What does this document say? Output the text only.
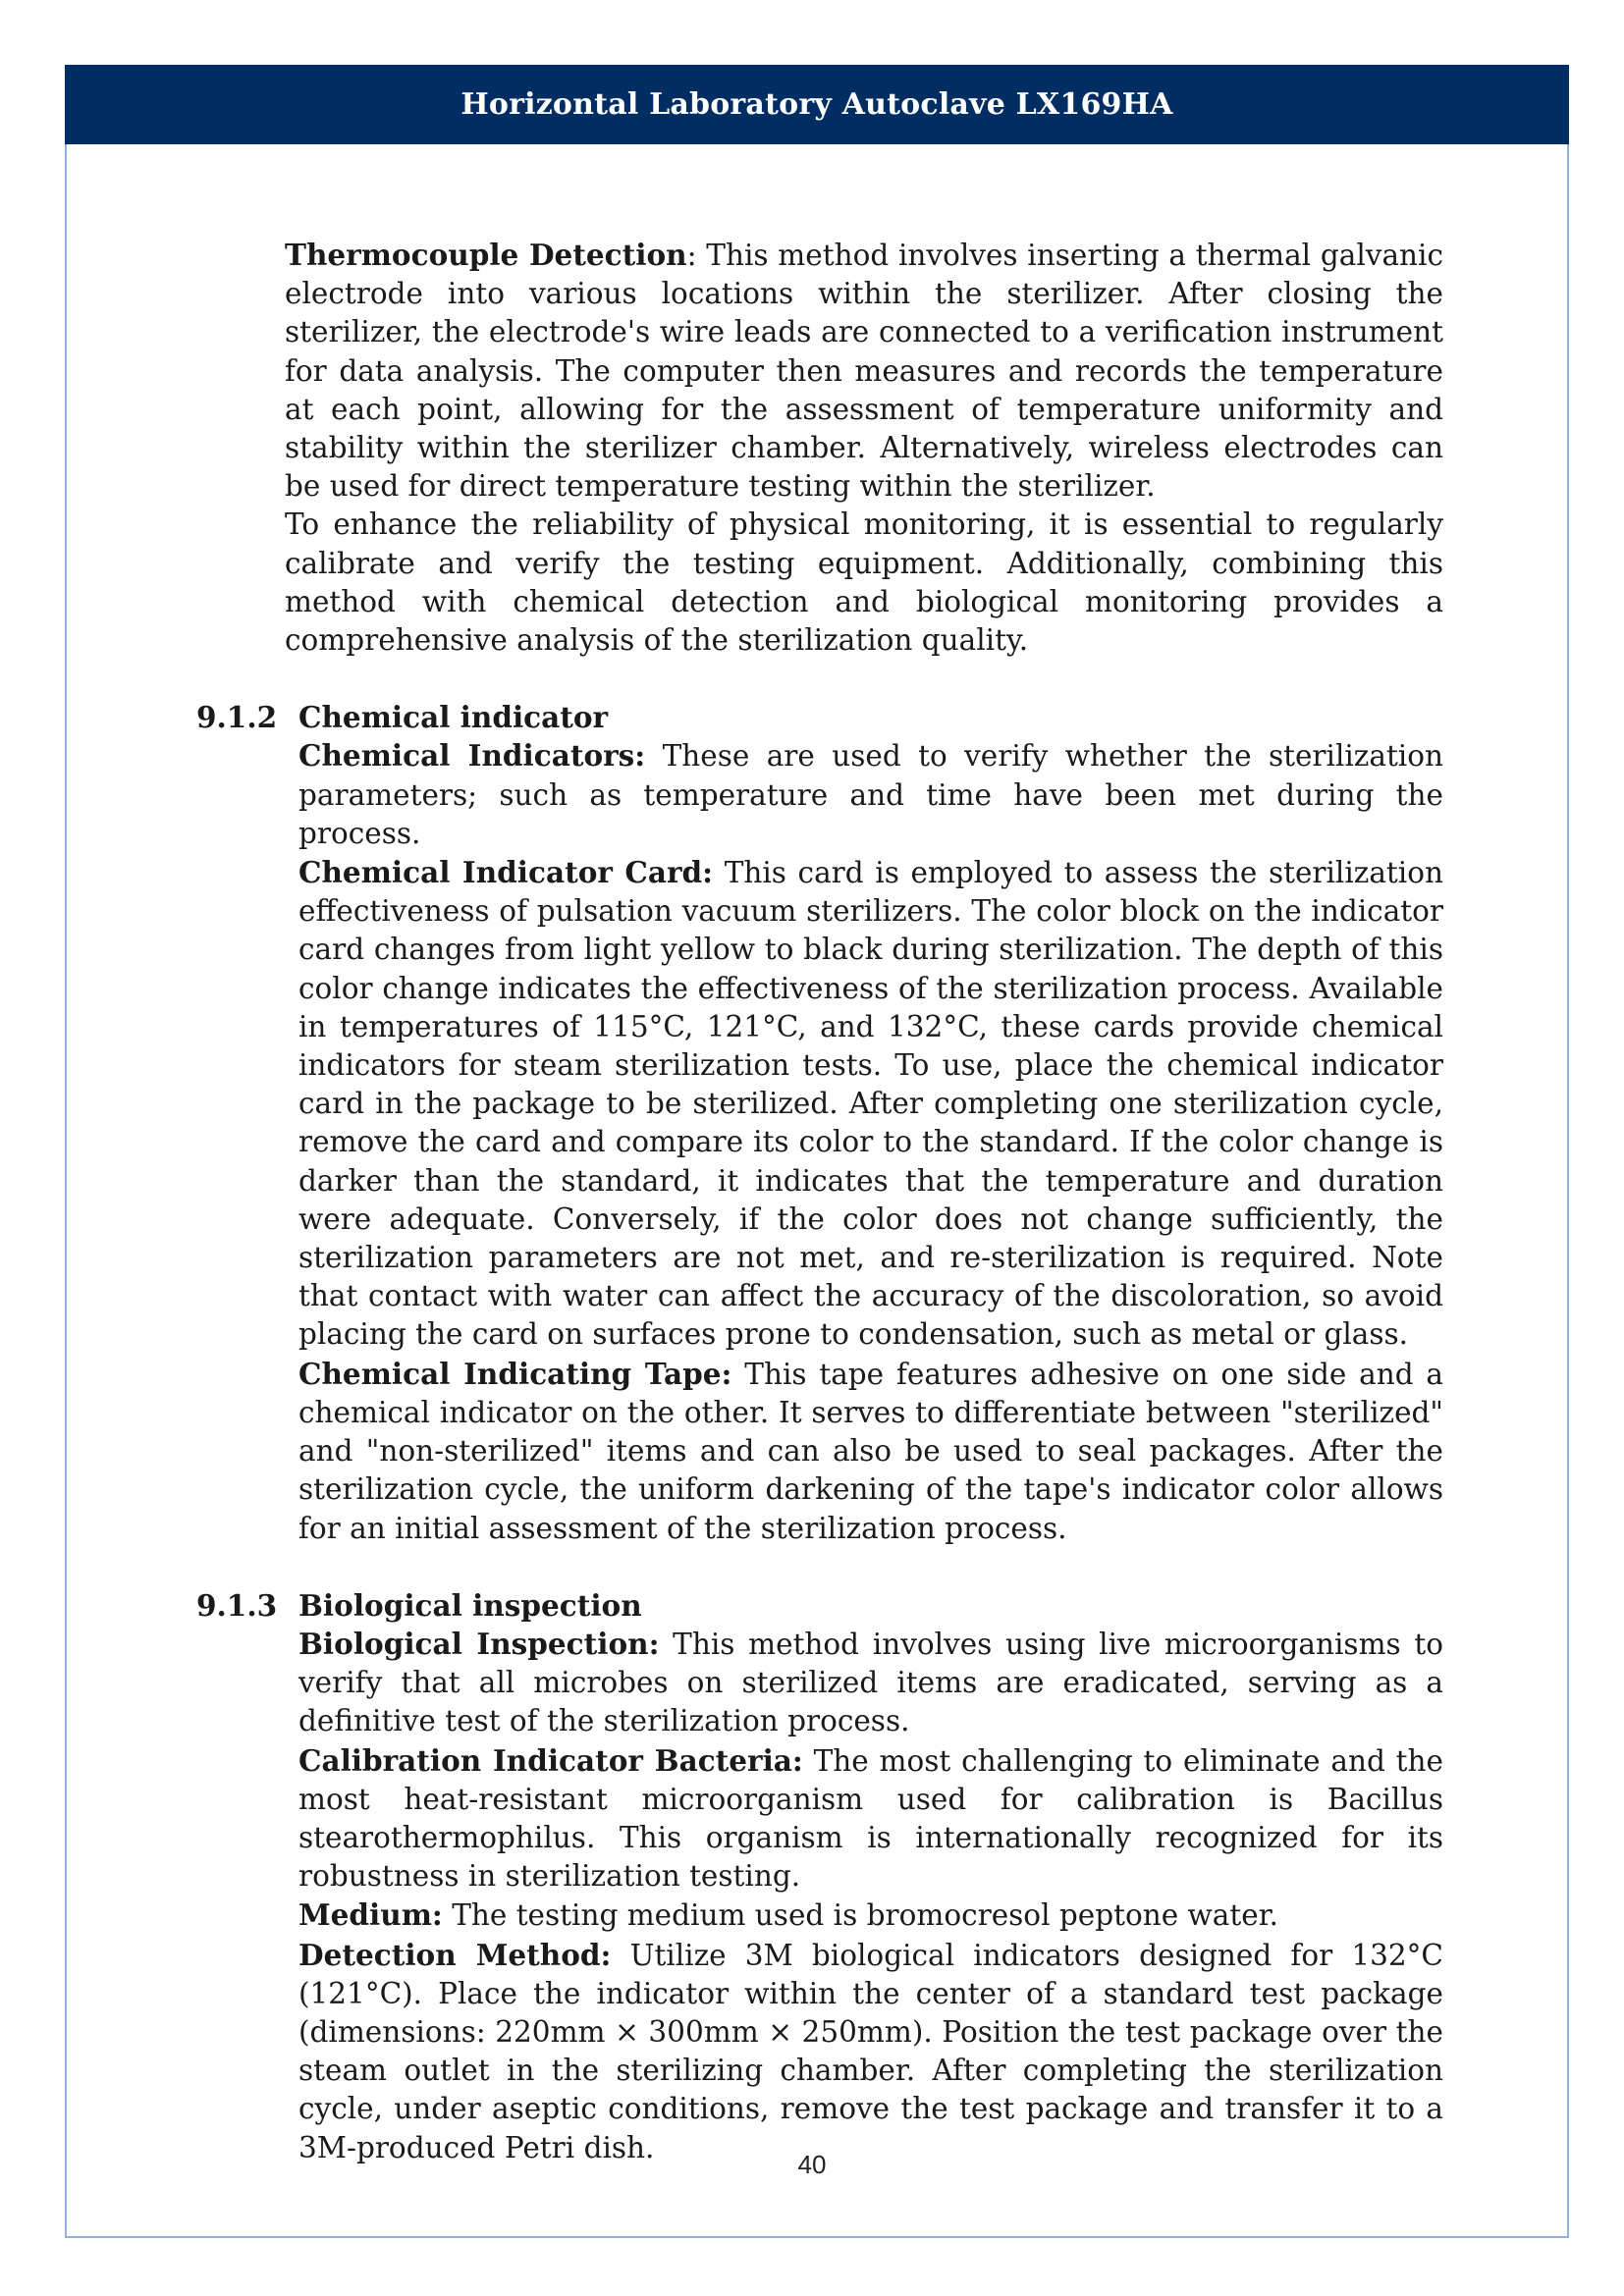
Horizontal Laboratory Autoclave LX169HA

Thermocouple Detection: This method involves inserting a thermal galvanic electrode into various locations within the sterilizer. After closing the sterilizer, the electrode's wire leads are connected to a verification instrument for data analysis. The computer then measures and records the temperature at each point, allowing for the assessment of temperature uniformity and stability within the sterilizer chamber. Alternatively, wireless electrodes can be used for direct temperature testing within the sterilizer.

To enhance the reliability of physical monitoring, it is essential to regularly calibrate and verify the testing equipment. Additionally, combining this method with chemical detection and biological monitoring provides a comprehensive analysis of the sterilization quality.

9.1.2 Chemical indicator

Chemical Indicators: These are used to verify whether the sterilization parameters; such as temperature and time have been met during the process.

Chemical Indicator Card: This card is employed to assess the sterilization effectiveness of pulsation vacuum sterilizers. The color block on the indicator card changes from light yellow to black during sterilization. The depth of this color change indicates the effectiveness of the sterilization process. Available in temperatures of 115°C, 121°C, and 132°C, these cards provide chemical indicators for steam sterilization tests. To use, place the chemical indicator card in the package to be sterilized. After completing one sterilization cycle, remove the card and compare its color to the standard. If the color change is darker than the standard, it indicates that the temperature and duration were adequate. Conversely, if the color does not change sufficiently, the sterilization parameters are not met, and re-sterilization is required. Note that contact with water can affect the accuracy of the discoloration, so avoid placing the card on surfaces prone to condensation, such as metal or glass.

Chemical Indicating Tape: This tape features adhesive on one side and a chemical indicator on the other. It serves to differentiate between "sterilized" and "non-sterilized" items and can also be used to seal packages. After the sterilization cycle, the uniform darkening of the tape's indicator color allows for an initial assessment of the sterilization process.

9.1.3 Biological inspection

Biological Inspection: This method involves using live microorganisms to verify that all microbes on sterilized items are eradicated, serving as a definitive test of the sterilization process.

Calibration Indicator Bacteria: The most challenging to eliminate and the most heat-resistant microorganism used for calibration is Bacillus stearothermophilus. This organism is internationally recognized for its robustness in sterilization testing.

Medium: The testing medium used is bromocresol peptone water.

Detection Method: Utilize 3M biological indicators designed for 132°C (121°C). Place the indicator within the center of a standard test package (dimensions: 220mm × 300mm × 250mm). Position the test package over the steam outlet in the sterilizing chamber. After completing the sterilization cycle, under aseptic conditions, remove the test package and transfer it to a 3M-produced Petri dish.

40
